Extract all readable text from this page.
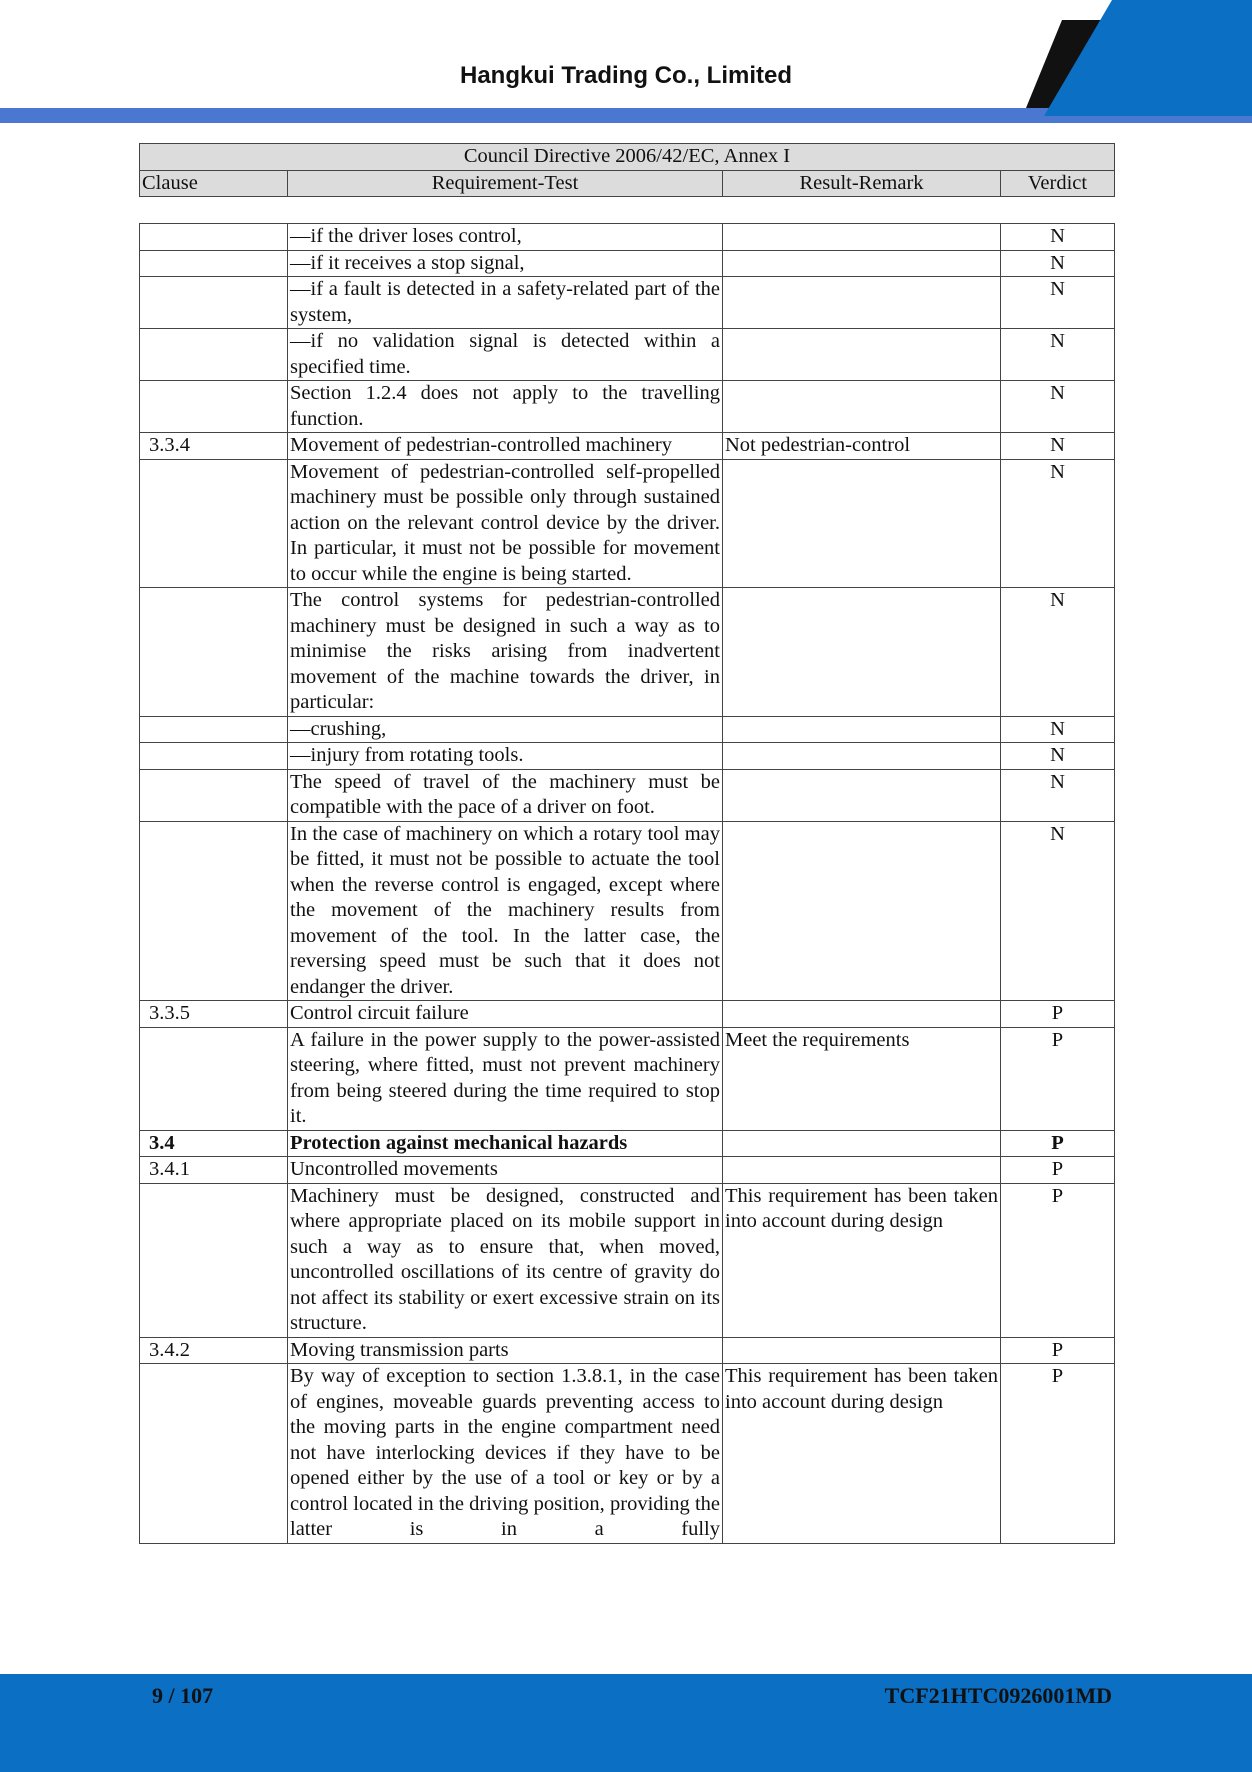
Hangkui Trading Co., Limited
Council Directive 2006/42/EC, Annex I
Clause	Requirement-Test	Result-Remark	Verdict
	—if the driver loses control,		N
	—if it receives a stop signal,		N
	—if a fault is detected in a safety-related part of the system,		N
	—if no validation signal is detected within a specified time.		N
	Section 1.2.4 does not apply to the travelling function.		N
3.3.4	Movement of pedestrian-controlled machinery	Not pedestrian-control	N
	Movement of pedestrian-controlled self-propelled machinery must be possible only through sustained action on the relevant control device by the driver. In particular, it must not be possible for movement to occur while the engine is being started.		N
	The control systems for pedestrian-controlled machinery must be designed in such a way as to minimise the risks arising from inadvertent movement of the machine towards the driver, in particular:		N
	—crushing,		N
	—injury from rotating tools.		N
	The speed of travel of the machinery must be compatible with the pace of a driver on foot.		N
	In the case of machinery on which a rotary tool may be fitted, it must not be possible to actuate the tool when the reverse control is engaged, except where the movement of the machinery results from movement of the tool. In the latter case, the reversing speed must be such that it does not endanger the driver.		N
3.3.5	Control circuit failure		P
	A failure in the power supply to the power-assisted steering, where fitted, must not prevent machinery from being steered during the time required to stop it.	Meet the requirements	P
3.4	Protection against mechanical hazards		P
3.4.1	Uncontrolled movements		P
	Machinery must be designed, constructed and where appropriate placed on its mobile support in such a way as to ensure that, when moved, uncontrolled oscillations of its centre of gravity do not affect its stability or exert excessive strain on its structure.	This requirement has been taken into account during design	P
3.4.2	Moving transmission parts		P
	By way of exception to section 1.3.8.1, in the case of engines, moveable guards preventing access to the moving parts in the engine compartment need not have interlocking devices if they have to be opened either by the use of a tool or key or by a control located in the driving position, providing the latter is in a fully	This requirement has been taken into account during design	P
9 / 107	TCF21HTC0926001MD
